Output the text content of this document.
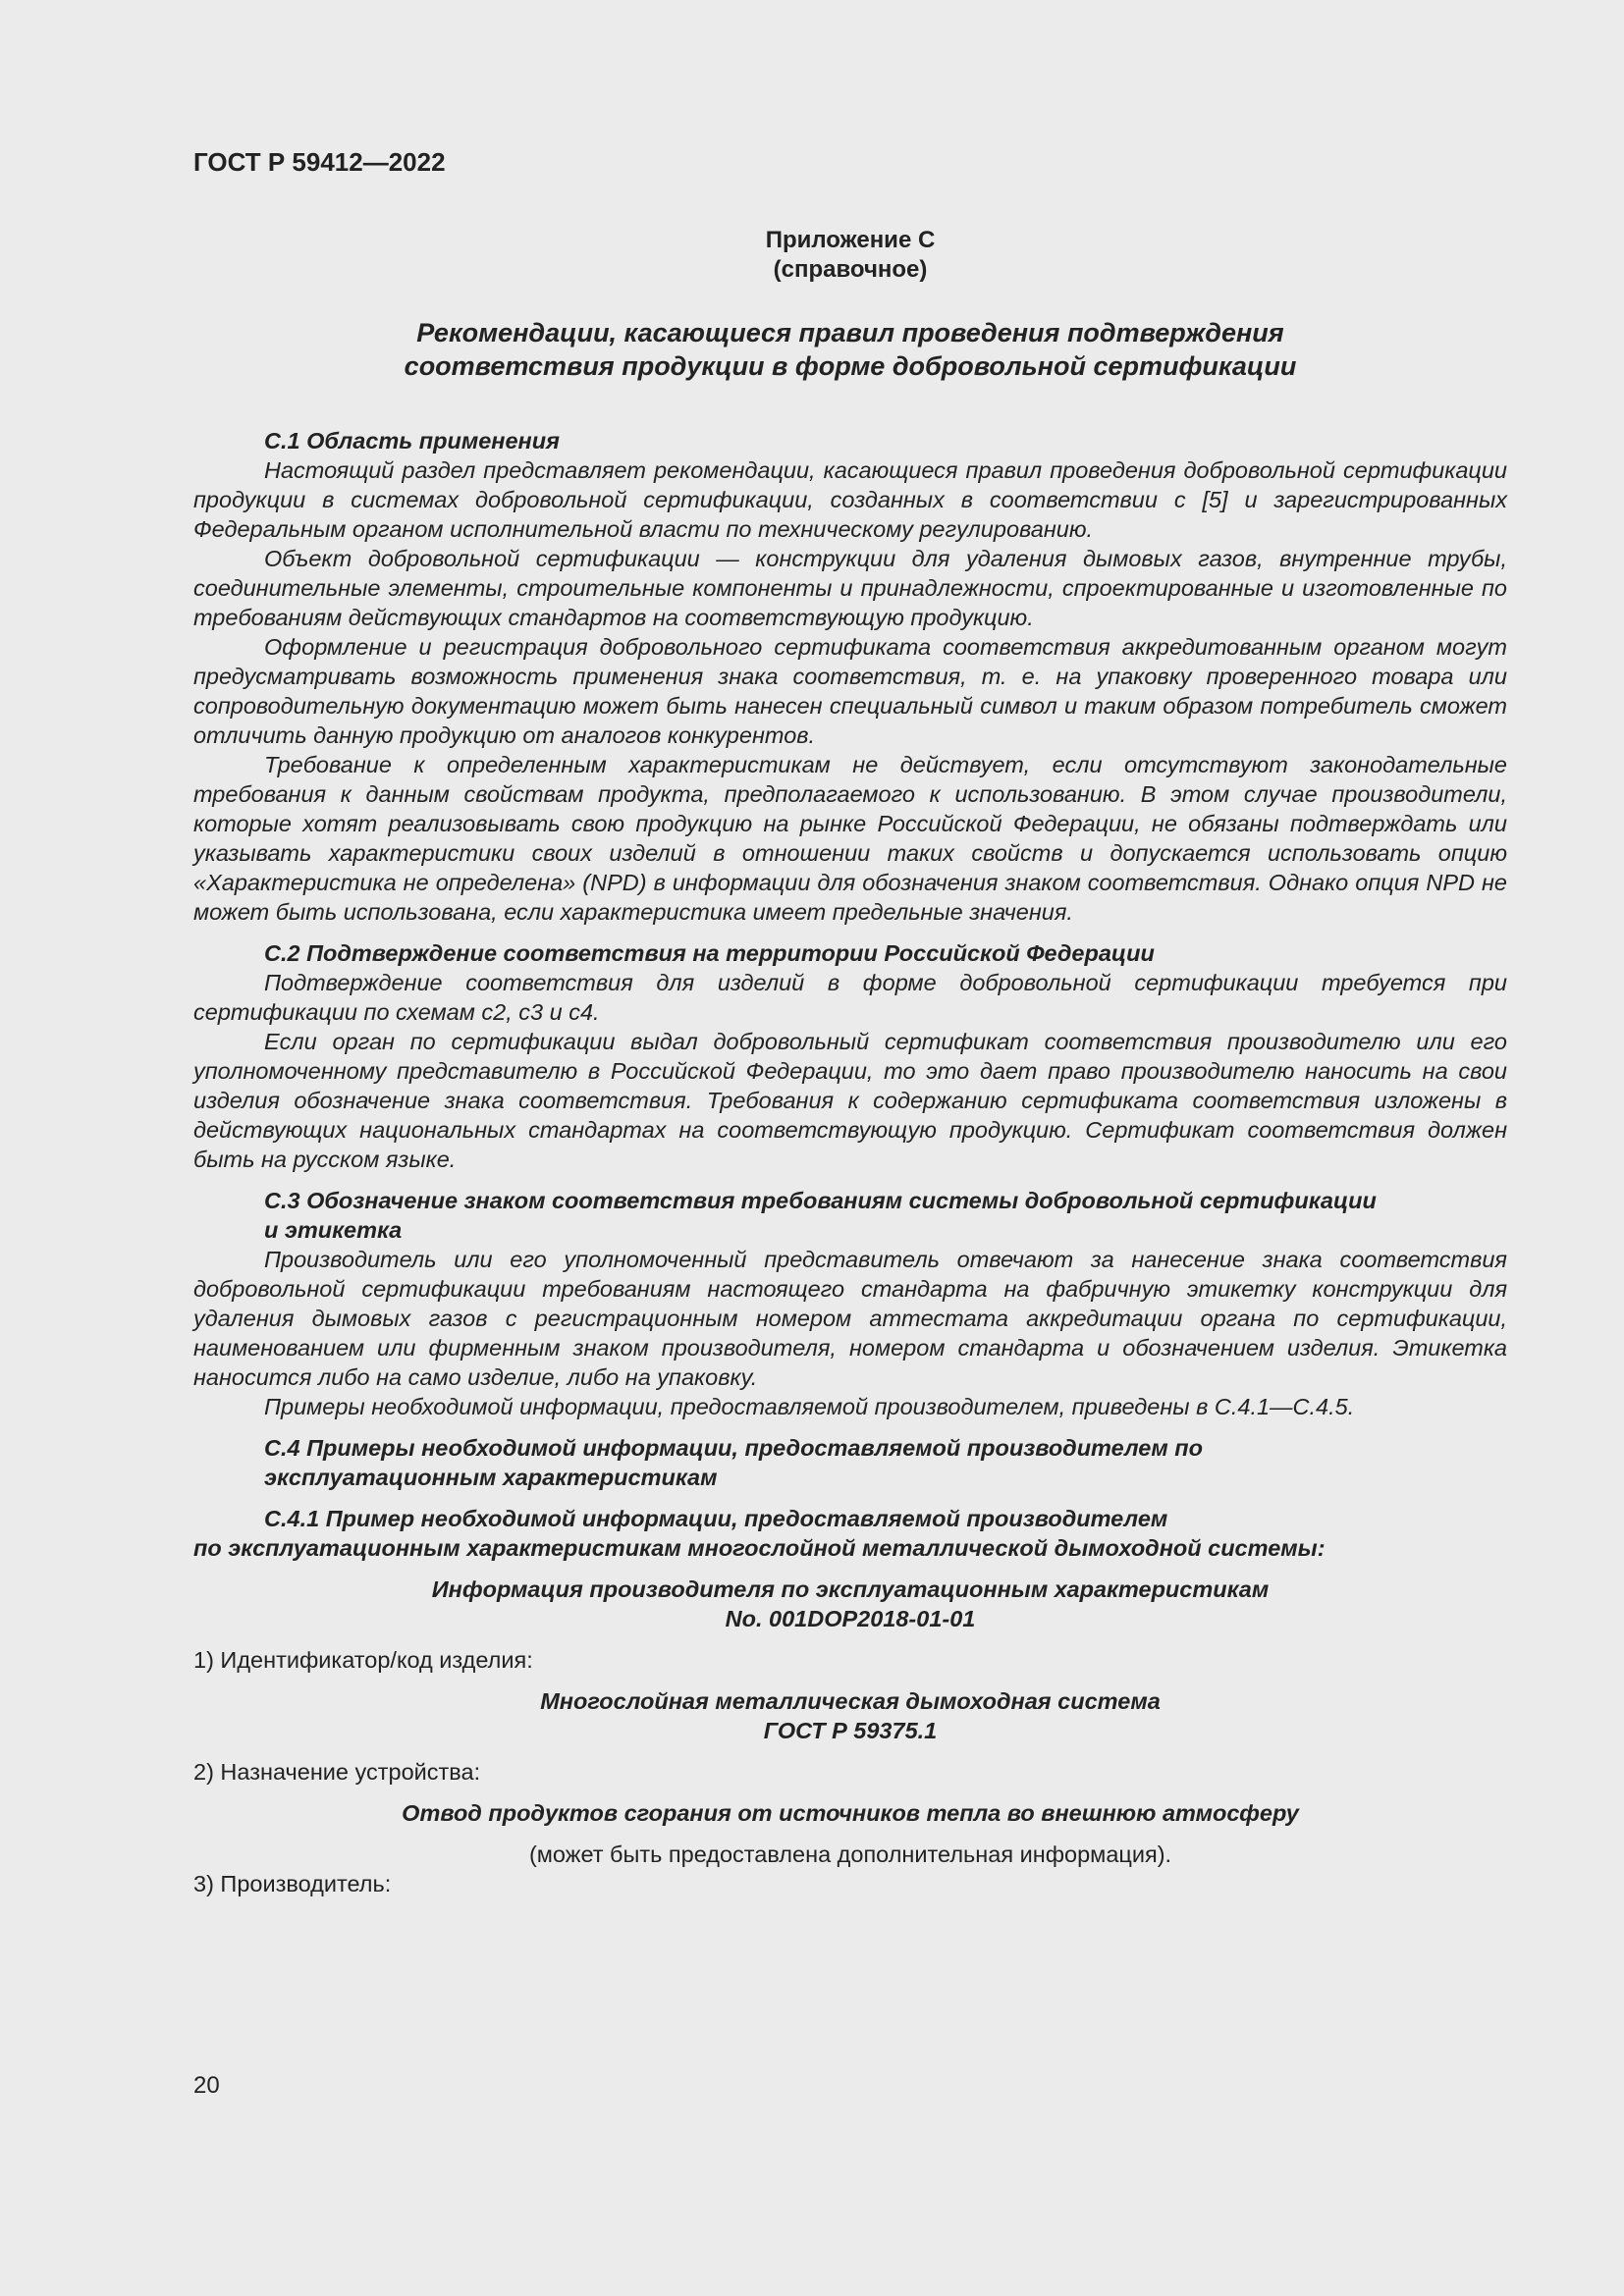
ГОСТ Р 59412—2022
Приложение С
(справочное)
Рекомендации, касающиеся правил проведения подтверждения
соответствия продукции в форме добровольной сертификации
С.1 Область применения

Настоящий раздел представляет рекомендации, касающиеся правил проведения добровольной сертификации продукции в системах добровольной сертификации, созданных в соответствии с [5] и зарегистрированных Федеральным органом исполнительной власти по техническому регулированию.

Объект добровольной сертификации — конструкции для удаления дымовых газов, внутренние трубы, соединительные элементы, строительные компоненты и принадлежности, спроектированные и изготовленные по требованиям действующих стандартов на соответствующую продукцию.

Оформление и регистрация добровольного сертификата соответствия аккредитованным органом могут предусматривать возможность применения знака соответствия, т. е. на упаковку проверенного товара или сопроводительную документацию может быть нанесен специальный символ и таким образом потребитель сможет отличить данную продукцию от аналогов конкурентов.

Требование к определенным характеристикам не действует, если отсутствуют законодательные требования к данным свойствам продукта, предполагаемого к использованию. В этом случае производители, которые хотят реализовывать свою продукцию на рынке Российской Федерации, не обязаны подтверждать или указывать характеристики своих изделий в отношении таких свойств и допускается использовать опцию «Характеристика не определена» (NPD) в информации для обозначения знаком соответствия. Однако опция NPD не может быть использована, если характеристика имеет предельные значения.

С.2 Подтверждение соответствия на территории Российской Федерации

Подтверждение соответствия для изделий в форме добровольной сертификации требуется при сертификации по схемам с2, с3 и с4.

Если орган по сертификации выдал добровольный сертификат соответствия производителю или его уполномоченному представителю в Российской Федерации, то это дает право производителю наносить на свои изделия обозначение знака соответствия. Требования к содержанию сертификата соответствия изложены в действующих национальных стандартах на соответствующую продукцию. Сертификат соответствия должен быть на русском языке.

С.3 Обозначение знаком соответствия требованиям системы добровольной сертификации
и этикетка

Производитель или его уполномоченный представитель отвечают за нанесение знака соответствия добровольной сертификации требованиям настоящего стандарта на фабричную этикетку конструкции для удаления дымовых газов с регистрационным номером аттестата аккредитации органа по сертификации, наименованием или фирменным знаком производителя, номером стандарта и обозначением изделия. Этикетка наносится либо на само изделие, либо на упаковку.

Примеры необходимой информации, предоставляемой производителем, приведены в С.4.1—С.4.5.

С.4 Примеры необходимой информации, предоставляемой производителем по
эксплуатационным характеристикам
С.4.1 Пример необходимой информации, предоставляемой производителем
по эксплуатационным характеристикам многослойной металлической дымоходной системы:
Информация производителя по эксплуатационным характеристикам
No. 001DOP2018-01-01
1) Идентификатор/код изделия:
Многослойная металлическая дымоходная система
ГОСТ Р 59375.1
2) Назначение устройства:
Отвод продуктов сгорания от источников тепла во внешнюю атмосферу
(может быть предоставлена дополнительная информация).
3) Производитель:
20
